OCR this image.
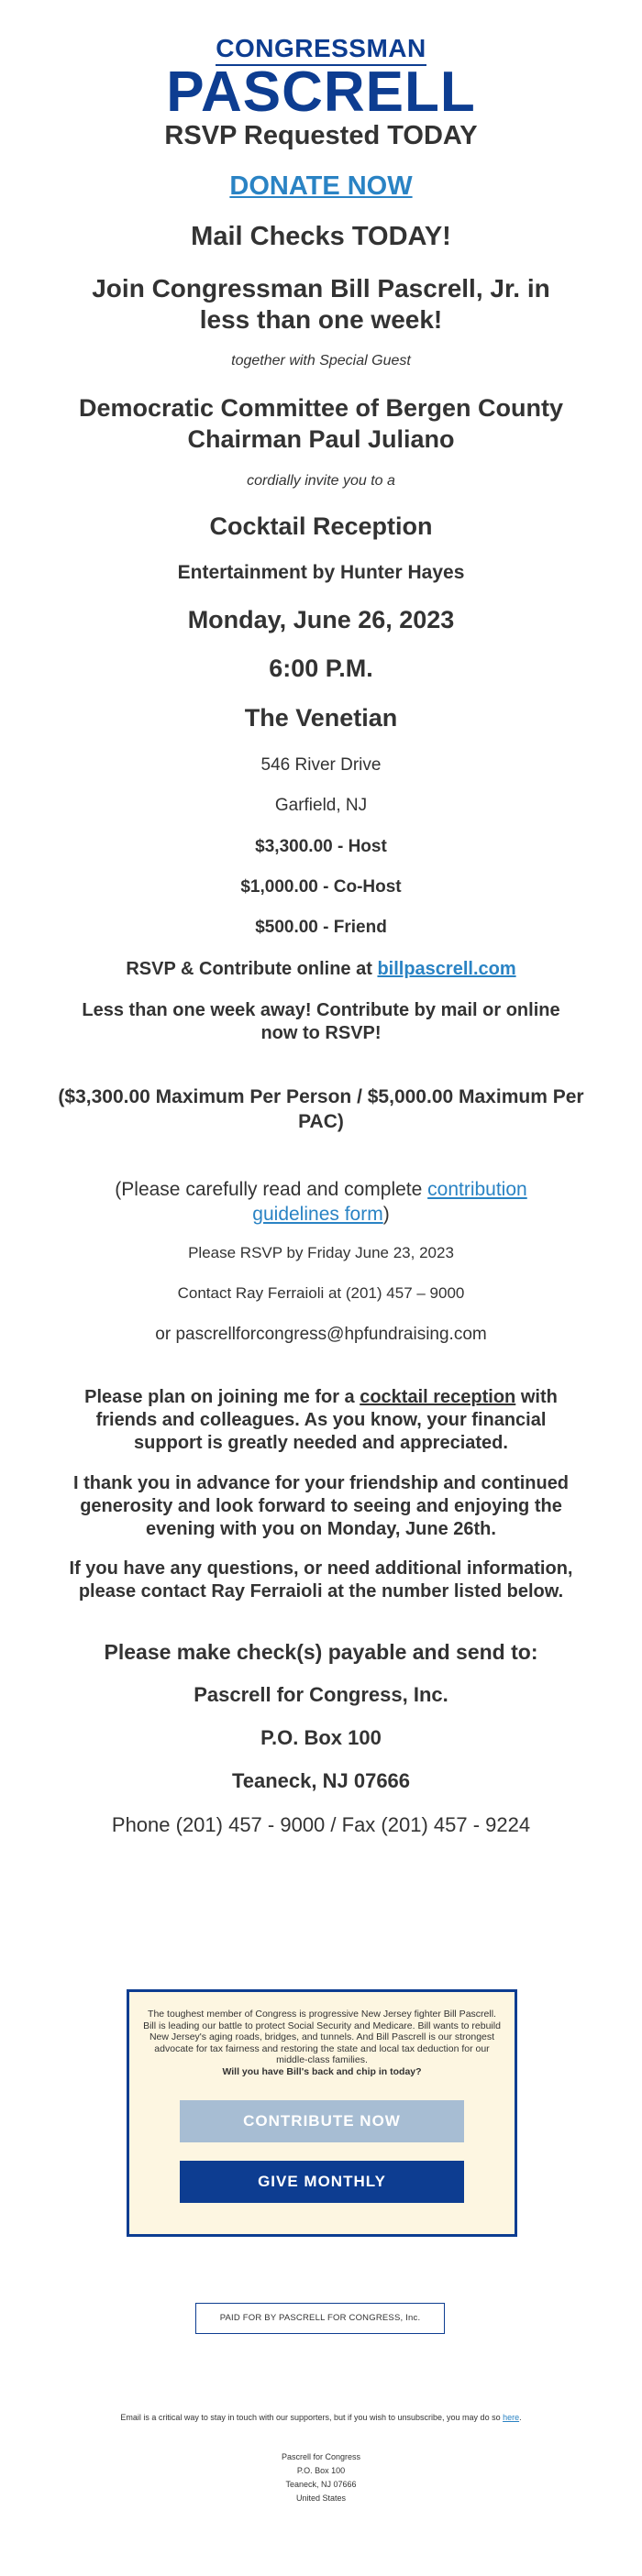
CONGRESSMAN
PASCRELL
RSVP Requested TODAY
DONATE NOW
Mail Checks TODAY!
Join Congressman Bill Pascrell, Jr. in less than one week!
together with Special Guest
Democratic Committee of Bergen County Chairman Paul Juliano
cordially invite you to a
Cocktail Reception
Entertainment by Hunter Hayes
Monday, June 26, 2023
6:00 P.M.
The Venetian
546 River Drive
Garfield, NJ
$3,300.00 - Host
$1,000.00 - Co-Host
$500.00 - Friend
RSVP & Contribute online at billpascrell.com
Less than one week away! Contribute by mail or online now to RSVP!
($3,300.00 Maximum Per Person / $5,000.00 Maximum Per PAC)
(Please carefully read and complete contribution guidelines form)
Please RSVP by Friday June 23, 2023
Contact Ray Ferraioli at (201) 457 – 9000
or pascrellforcongress@hpfundraising.com
Please plan on joining me for a cocktail reception with friends and colleagues. As you know, your financial support is greatly needed and appreciated.
I thank you in advance for your friendship and continued generosity and look forward to seeing and enjoying the evening with you on Monday, June 26th.
If you have any questions, or need additional information, please contact Ray Ferraioli at the number listed below.
Please make check(s) payable and send to:
Pascrell for Congress, Inc.
P.O. Box 100
Teaneck, NJ 07666
Phone (201) 457 - 9000 / Fax (201) 457 - 9224
The toughest member of Congress is progressive New Jersey fighter Bill Pascrell. Bill is leading our battle to protect Social Security and Medicare. Bill wants to rebuild New Jersey's aging roads, bridges, and tunnels. And Bill Pascrell is our strongest advocate for tax fairness and restoring the state and local tax deduction for our middle-class families.
Will you have Bill's back and chip in today?
CONTRIBUTE NOW
GIVE MONTHLY
PAID FOR BY PASCRELL FOR CONGRESS, Inc.
Email is a critical way to stay in touch with our supporters, but if you wish to unsubscribe, you may do so here.
Pascrell for Congress
P.O. Box 100
Teaneck, NJ 07666
United States
